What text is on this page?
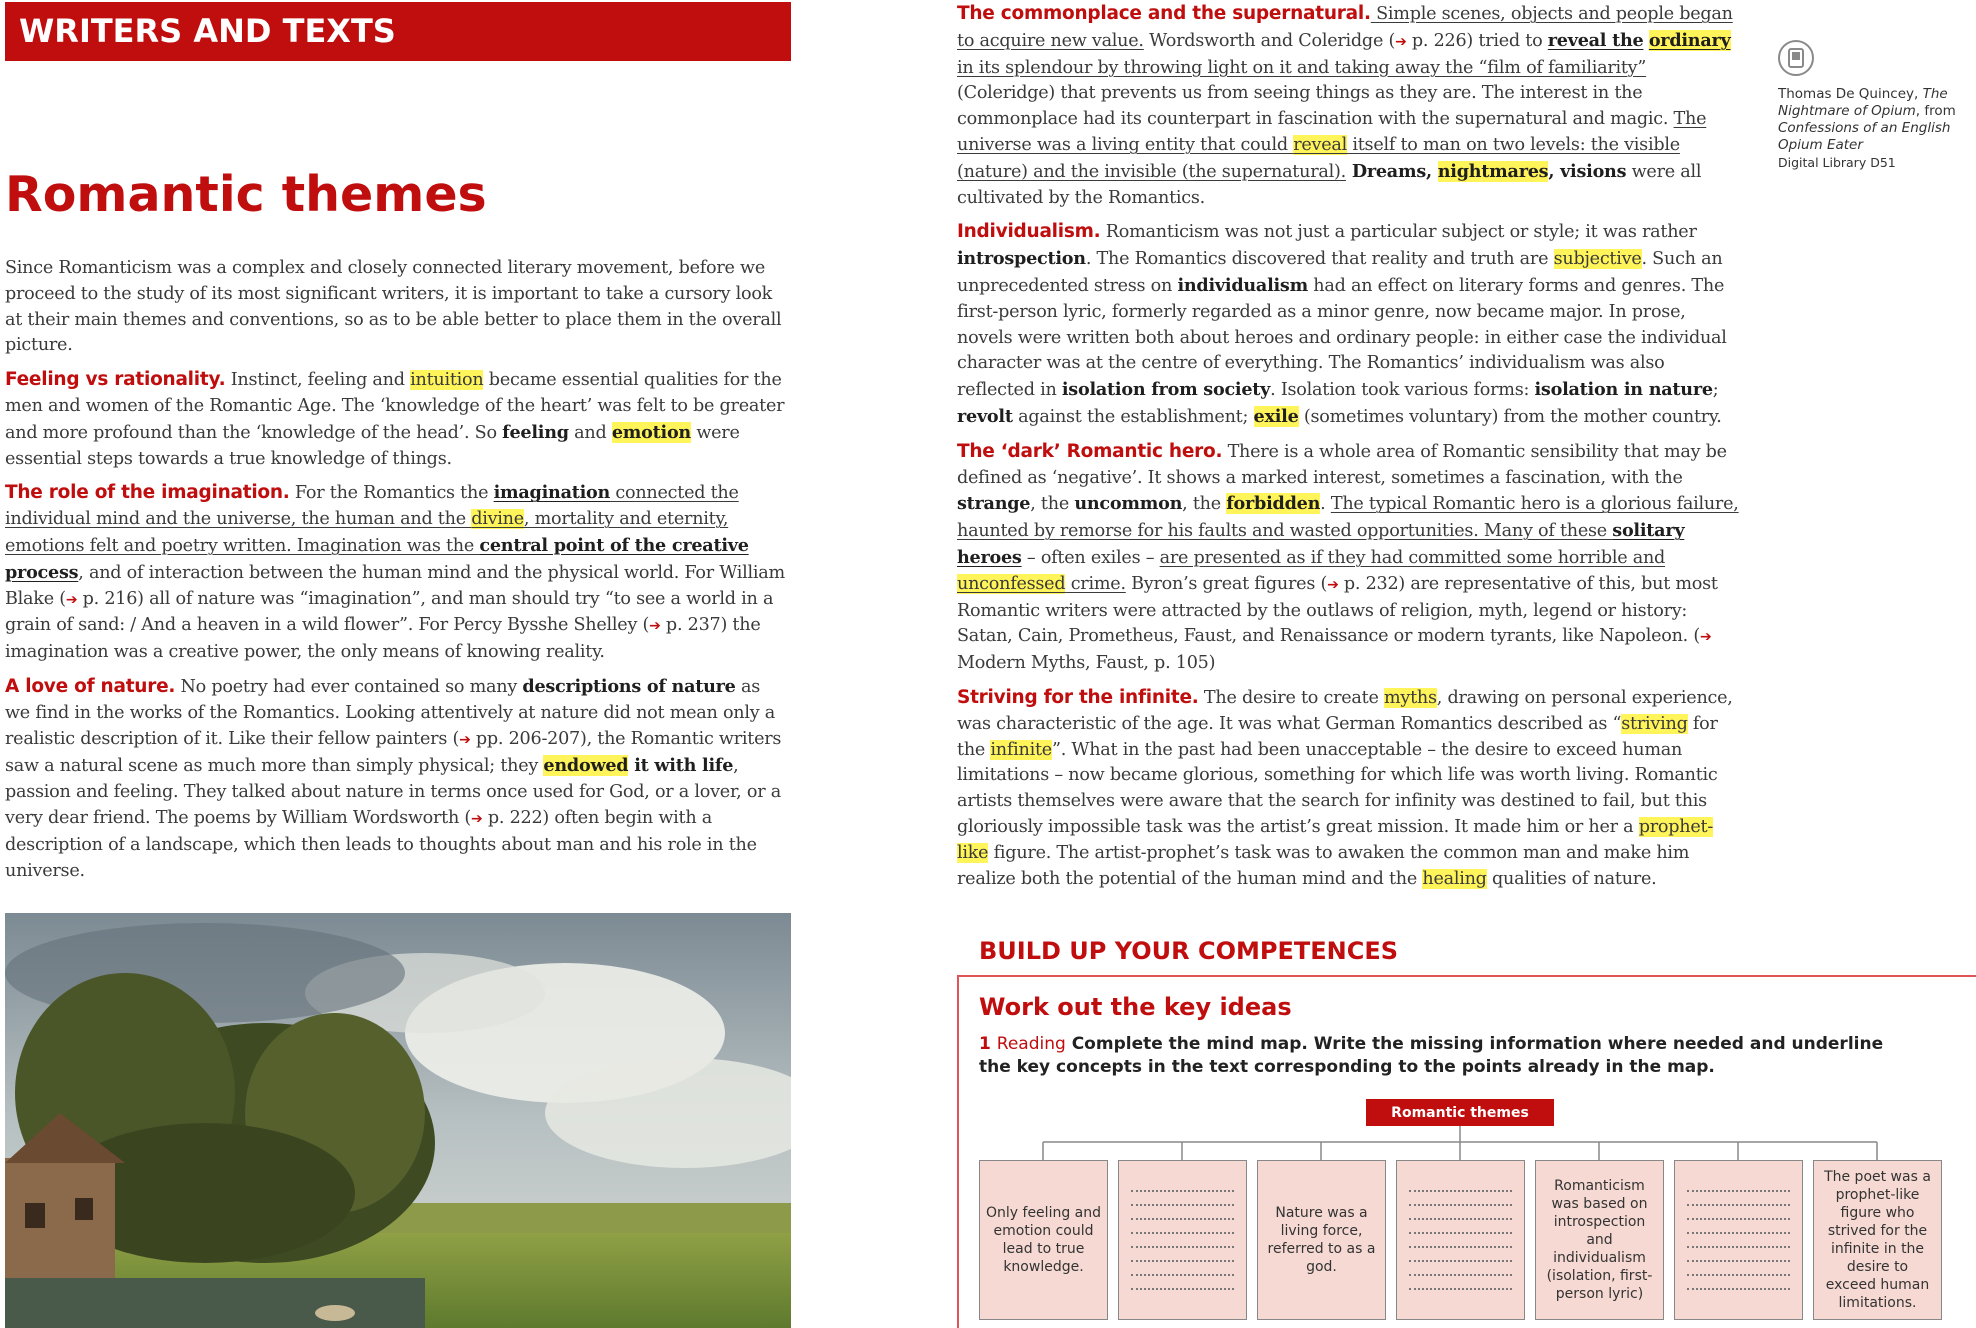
WRITERS AND TEXTS
Romantic themes

Since Romanticism was a complex and closely connected literary movement, before we proceed to the study of its most significant writers, it is important to take a cursory look at their main themes and conventions, so as to be able better to place them in the overall picture.

Feeling vs rationality. Instinct, feeling and intuition became essential qualities for the men and women of the Romantic Age. The ‘knowledge of the heart’ was felt to be greater and more profound than the ‘knowledge of the head’. So feeling and emotion were essential steps towards a true knowledge of things.

The role of the imagination. For the Romantics the imagination connected the individual mind and the universe, the human and the divine, mortality and eternity, emotions felt and poetry written. Imagination was the central point of the creative process, and of interaction between the human mind and the physical world. For William Blake (➔ p. 216) all of nature was “imagination”, and man should try “to see a world in a grain of sand: / And a heaven in a wild flower”. For Percy Bysshe Shelley (➔ p. 237) the imagination was a creative power, the only means of knowing reality.

A love of nature. No poetry had ever contained so many descriptions of nature as we find in the works of the Romantics. Looking attentively at nature did not mean only a realistic description of it. Like their fellow painters (➔ pp. 206-207), the Romantic writers saw a natural scene as much more than simply physical; they endowed it with life, passion and feeling. They talked about nature in terms once used for God, or a lover, or a very dear friend. The poems by William Wordsworth (➔ p. 222) often begin with a description of a landscape, which then leads to thoughts about man and his role in the universe.

The commonplace and the supernatural. Simple scenes, objects and people began to acquire new value. Wordsworth and Coleridge (➔ p. 226) tried to reveal the ordinary in its splendour by throwing light on it and taking away the “film of familiarity” (Coleridge) that prevents us from seeing things as they are. The interest in the commonplace had its counterpart in fascination with the supernatural and magic. The universe was a living entity that could reveal itself to man on two levels: the visible (nature) and the invisible (the supernatural). Dreams, nightmares, visions were all cultivated by the Romantics.

Individualism. Romanticism was not just a particular subject or style; it was rather introspection. The Romantics discovered that reality and truth are subjective. Such an unprecedented stress on individualism had an effect on literary forms and genres. The first-person lyric, formerly regarded as a minor genre, now became major. In prose, novels were written both about heroes and ordinary people: in either case the individual character was at the centre of everything. The Romantics’ individualism was also reflected in isolation from society. Isolation took various forms: isolation in nature; revolt against the establishment; exile (sometimes voluntary) from the mother country.

The ‘dark’ Romantic hero. There is a whole area of Romantic sensibility that may be defined as ‘negative’. It shows a marked interest, sometimes a fascination, with the strange, the uncommon, the forbidden. The typical Romantic hero is a glorious failure, haunted by remorse for his faults and wasted opportunities. Many of these solitary heroes – often exiles – are presented as if they had committed some horrible and unconfessed crime. Byron’s great figures (➔ p. 232) are representative of this, but most Romantic writers were attracted by the outlaws of religion, myth, legend or history: Satan, Cain, Prometheus, Faust, and Renaissance or modern tyrants, like Napoleon. (➔ Modern Myths, Faust, p. 105)

Striving for the infinite. The desire to create myths, drawing on personal experience, was characteristic of the age. It was what German Romantics described as “striving for the infinite”. What in the past had been unacceptable – the desire to exceed human limitations – now became glorious, something for which life was worth living. Romantic artists themselves were aware that the search for infinity was destined to fail, but this gloriously impossible task was the artist’s great mission. It made him or her a prophet-like figure. The artist-prophet’s task was to awaken the common man and make him realize both the potential of the human mind and the healing qualities of nature.

Thomas De Quincey, The Nightmare of Opium, from Confessions of an English Opium Eater
Digital Library D51
BUILD UP YOUR COMPETENCES
Work out the key ideas

1 Reading Complete the mind map. Write the missing information where needed and underline the key concepts in the text corresponding to the points already in the map.

Romantic themes
Only feeling and emotion could lead to true knowledge.
Nature was a living force, referred to as a god.
Romanticism was based on introspection and individualism (isolation, first-person lyric)
The poet was a prophet-like figure who strived for the infinite in the desire to exceed human limitations.
